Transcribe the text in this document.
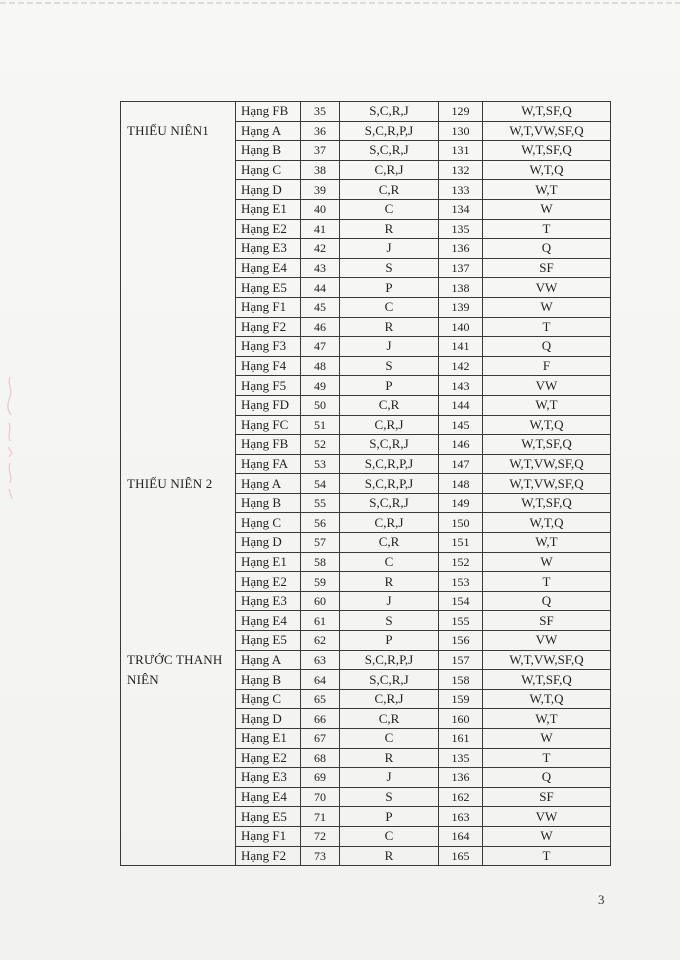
	Hạng FB	35	S,C,R,J	129	W,T,SF,Q
THIẾU NIÊN1	Hạng A	36	S,C,R,P,J	130	W,T,VW,SF,Q
	Hạng B	37	S,C,R,J	131	W,T,SF,Q
	Hạng C	38	C,R,J	132	W,T,Q
	Hạng D	39	C,R	133	W,T
	Hạng E1	40	C	134	W
	Hạng E2	41	R	135	T
	Hạng E3	42	J	136	Q
	Hạng E4	43	S	137	SF
	Hạng E5	44	P	138	VW
	Hạng F1	45	C	139	W
	Hạng F2	46	R	140	T
	Hạng F3	47	J	141	Q
	Hạng F4	48	S	142	F
	Hạng F5	49	P	143	VW
	Hạng FD	50	C,R	144	W,T
	Hạng FC	51	C,R,J	145	W,T,Q
	Hạng FB	52	S,C,R,J	146	W,T,SF,Q
	Hạng FA	53	S,C,R,P,J	147	W,T,VW,SF,Q
THIẾU NIÊN 2	Hạng A	54	S,C,R,P,J	148	W,T,VW,SF,Q
	Hạng B	55	S,C,R,J	149	W,T,SF,Q
	Hạng C	56	C,R,J	150	W,T,Q
	Hạng D	57	C,R	151	W,T
	Hạng E1	58	C	152	W
	Hạng E2	59	R	153	T
	Hạng E3	60	J	154	Q
	Hạng E4	61	S	155	SF
	Hạng E5	62	P	156	VW
TRƯỚC THANH	Hạng A	63	S,C,R,P,J	157	W,T,VW,SF,Q
NIÊN	Hạng B	64	S,C,R,J	158	W,T,SF,Q
	Hạng C	65	C,R,J	159	W,T,Q
	Hạng D	66	C,R	160	W,T
	Hạng E1	67	C	161	W
	Hạng E2	68	R	135	T
	Hạng E3	69	J	136	Q
	Hạng E4	70	S	162	SF
	Hạng E5	71	P	163	VW
	Hạng F1	72	C	164	W
	Hạng F2	73	R	165	T
3
